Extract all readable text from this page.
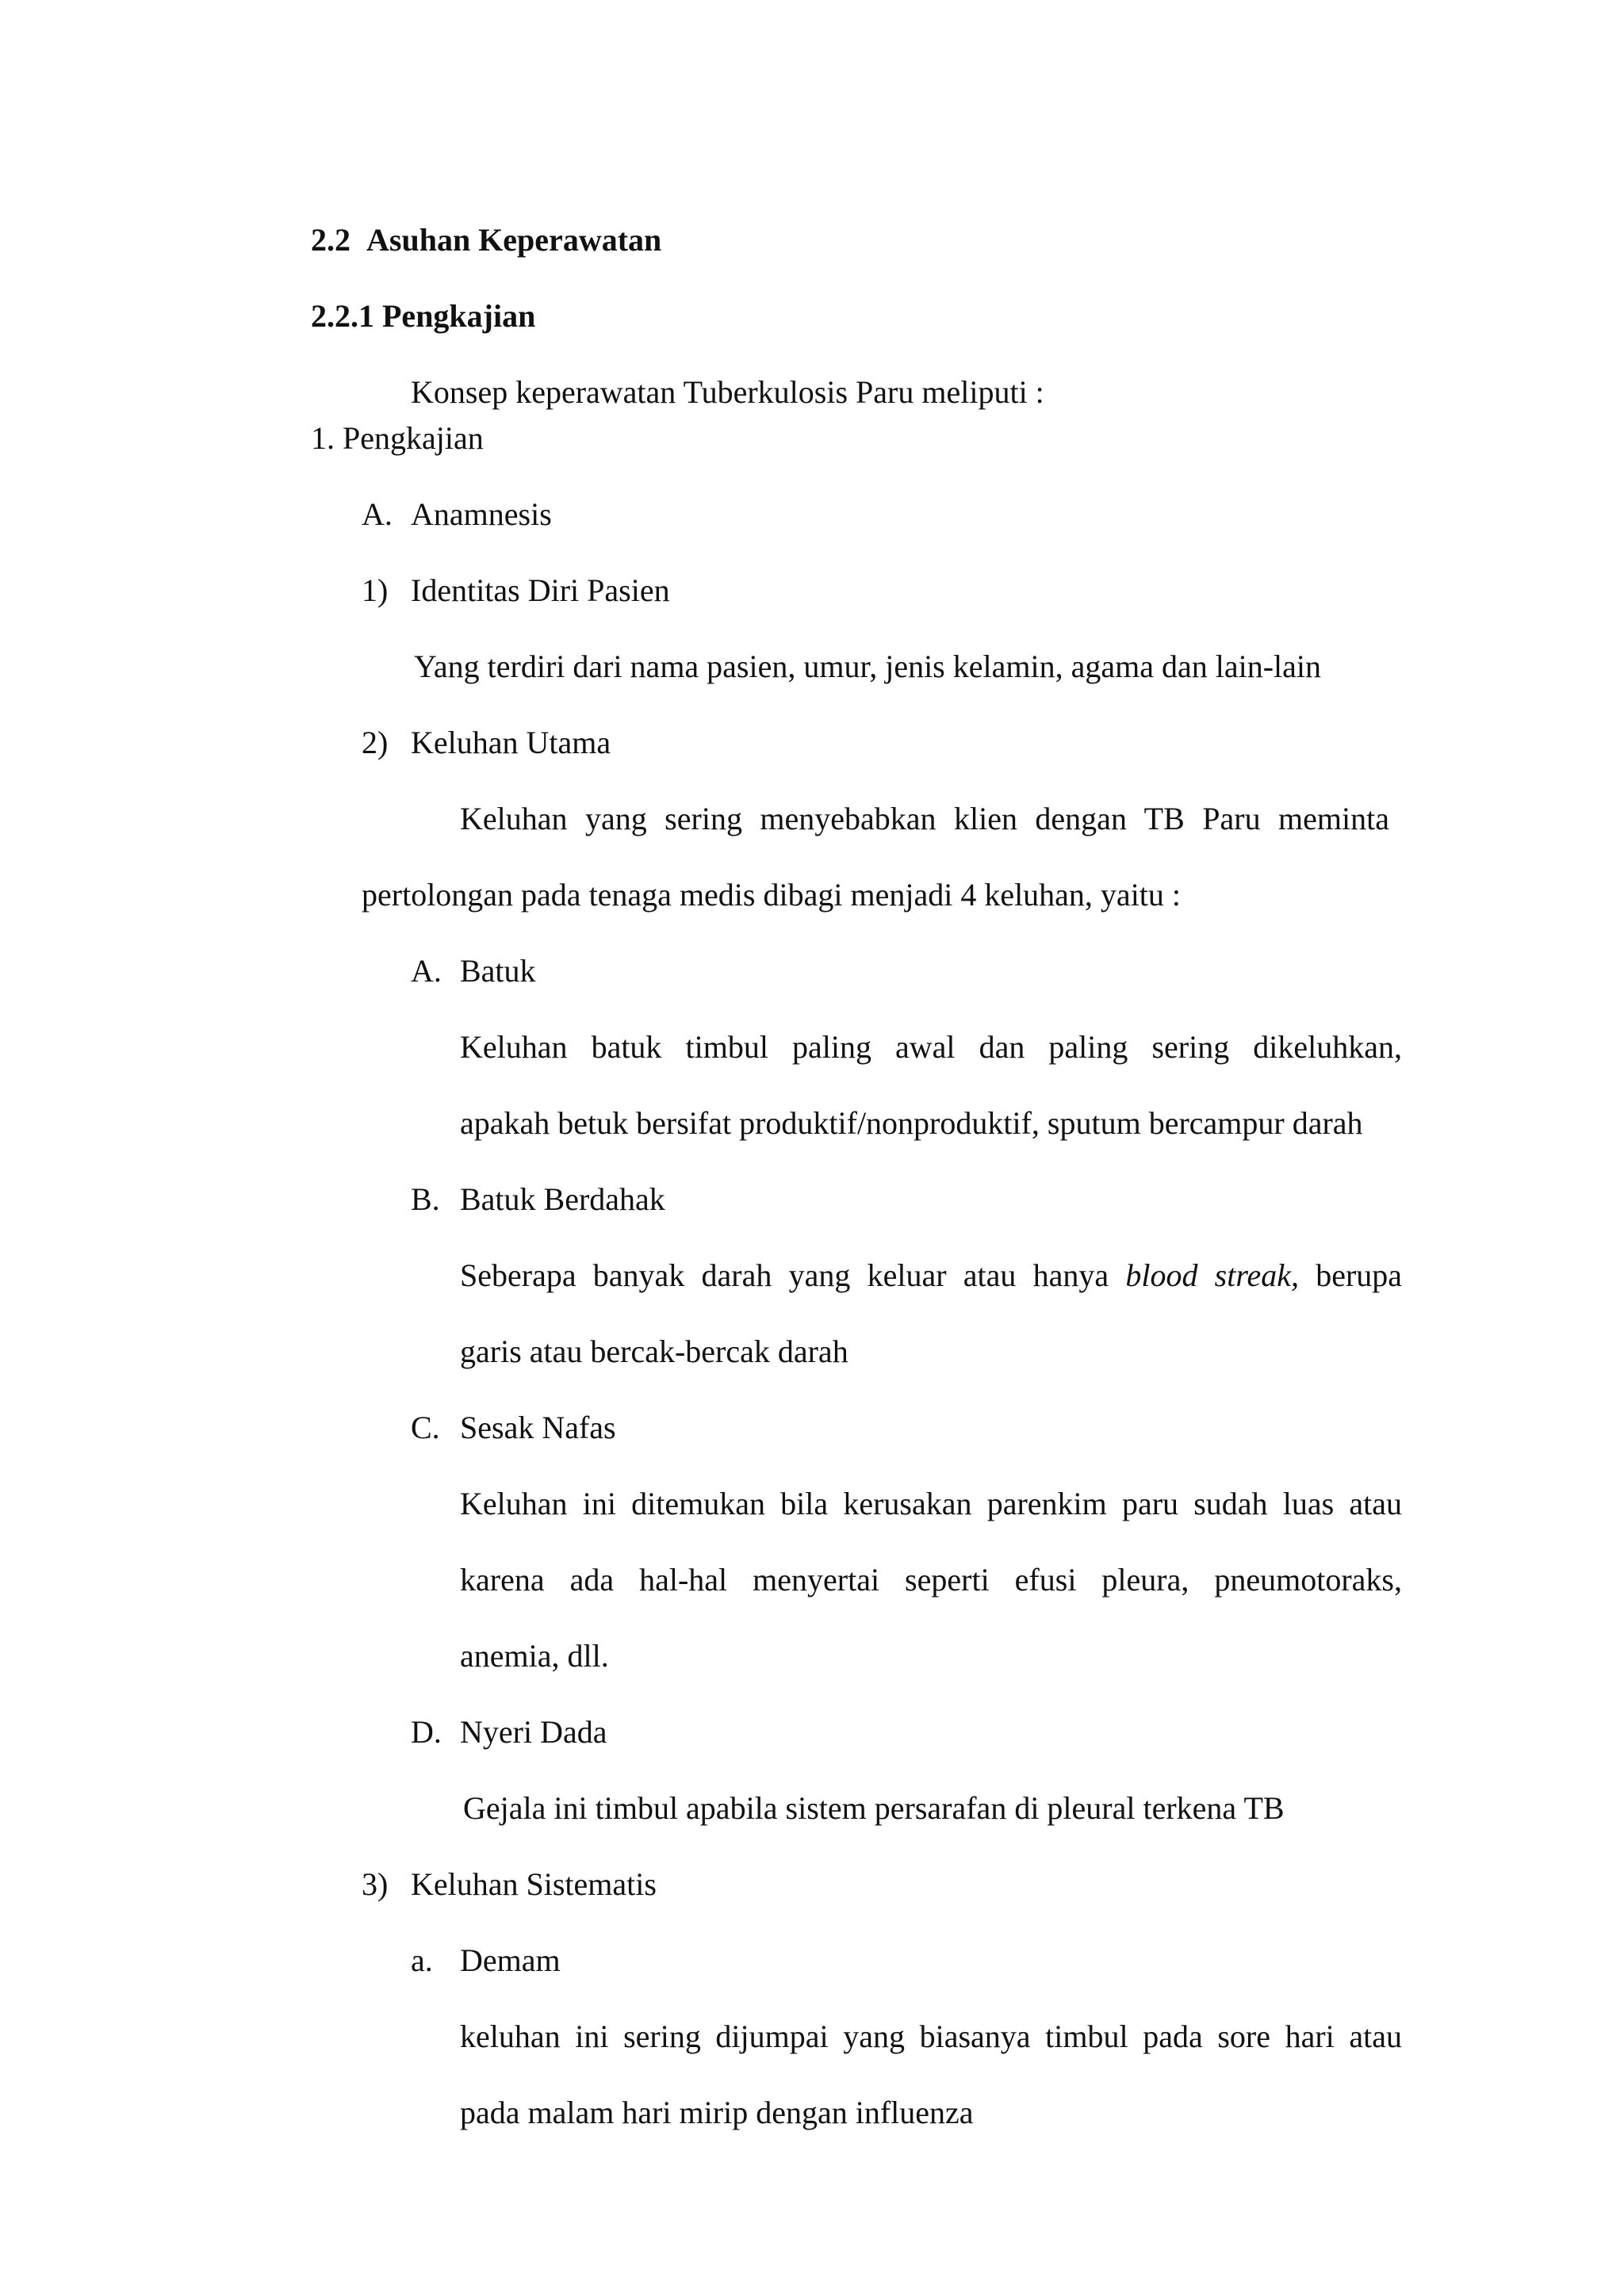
2.2 Asuhan Keperawatan
2.2.1 Pengkajian
Konsep keperawatan Tuberkulosis Paru meliputi :
1. Pengkajian
A. Anamnesis
1) Identitas Diri Pasien
Yang terdiri dari nama pasien, umur, jenis kelamin, agama dan lain-lain
2) Keluhan Utama
Keluhan yang sering menyebabkan klien dengan TB Paru meminta
pertolongan pada tenaga medis dibagi menjadi 4 keluhan, yaitu :
A. Batuk
Keluhan batuk timbul paling awal dan paling sering dikeluhkan,
apakah betuk bersifat produktif/nonproduktif, sputum bercampur darah
B. Batuk Berdahak
Seberapa banyak darah yang keluar atau hanya blood streak, berupa
garis atau bercak-bercak darah
C. Sesak Nafas
Keluhan ini ditemukan bila kerusakan parenkim paru sudah luas atau
karena ada hal-hal menyertai seperti efusi pleura, pneumotoraks,
anemia, dll.
D. Nyeri Dada
Gejala ini timbul apabila sistem persarafan di pleural terkena TB
3) Keluhan Sistematis
a. Demam
keluhan ini sering dijumpai yang biasanya timbul pada sore hari atau
pada malam hari mirip dengan influenza
